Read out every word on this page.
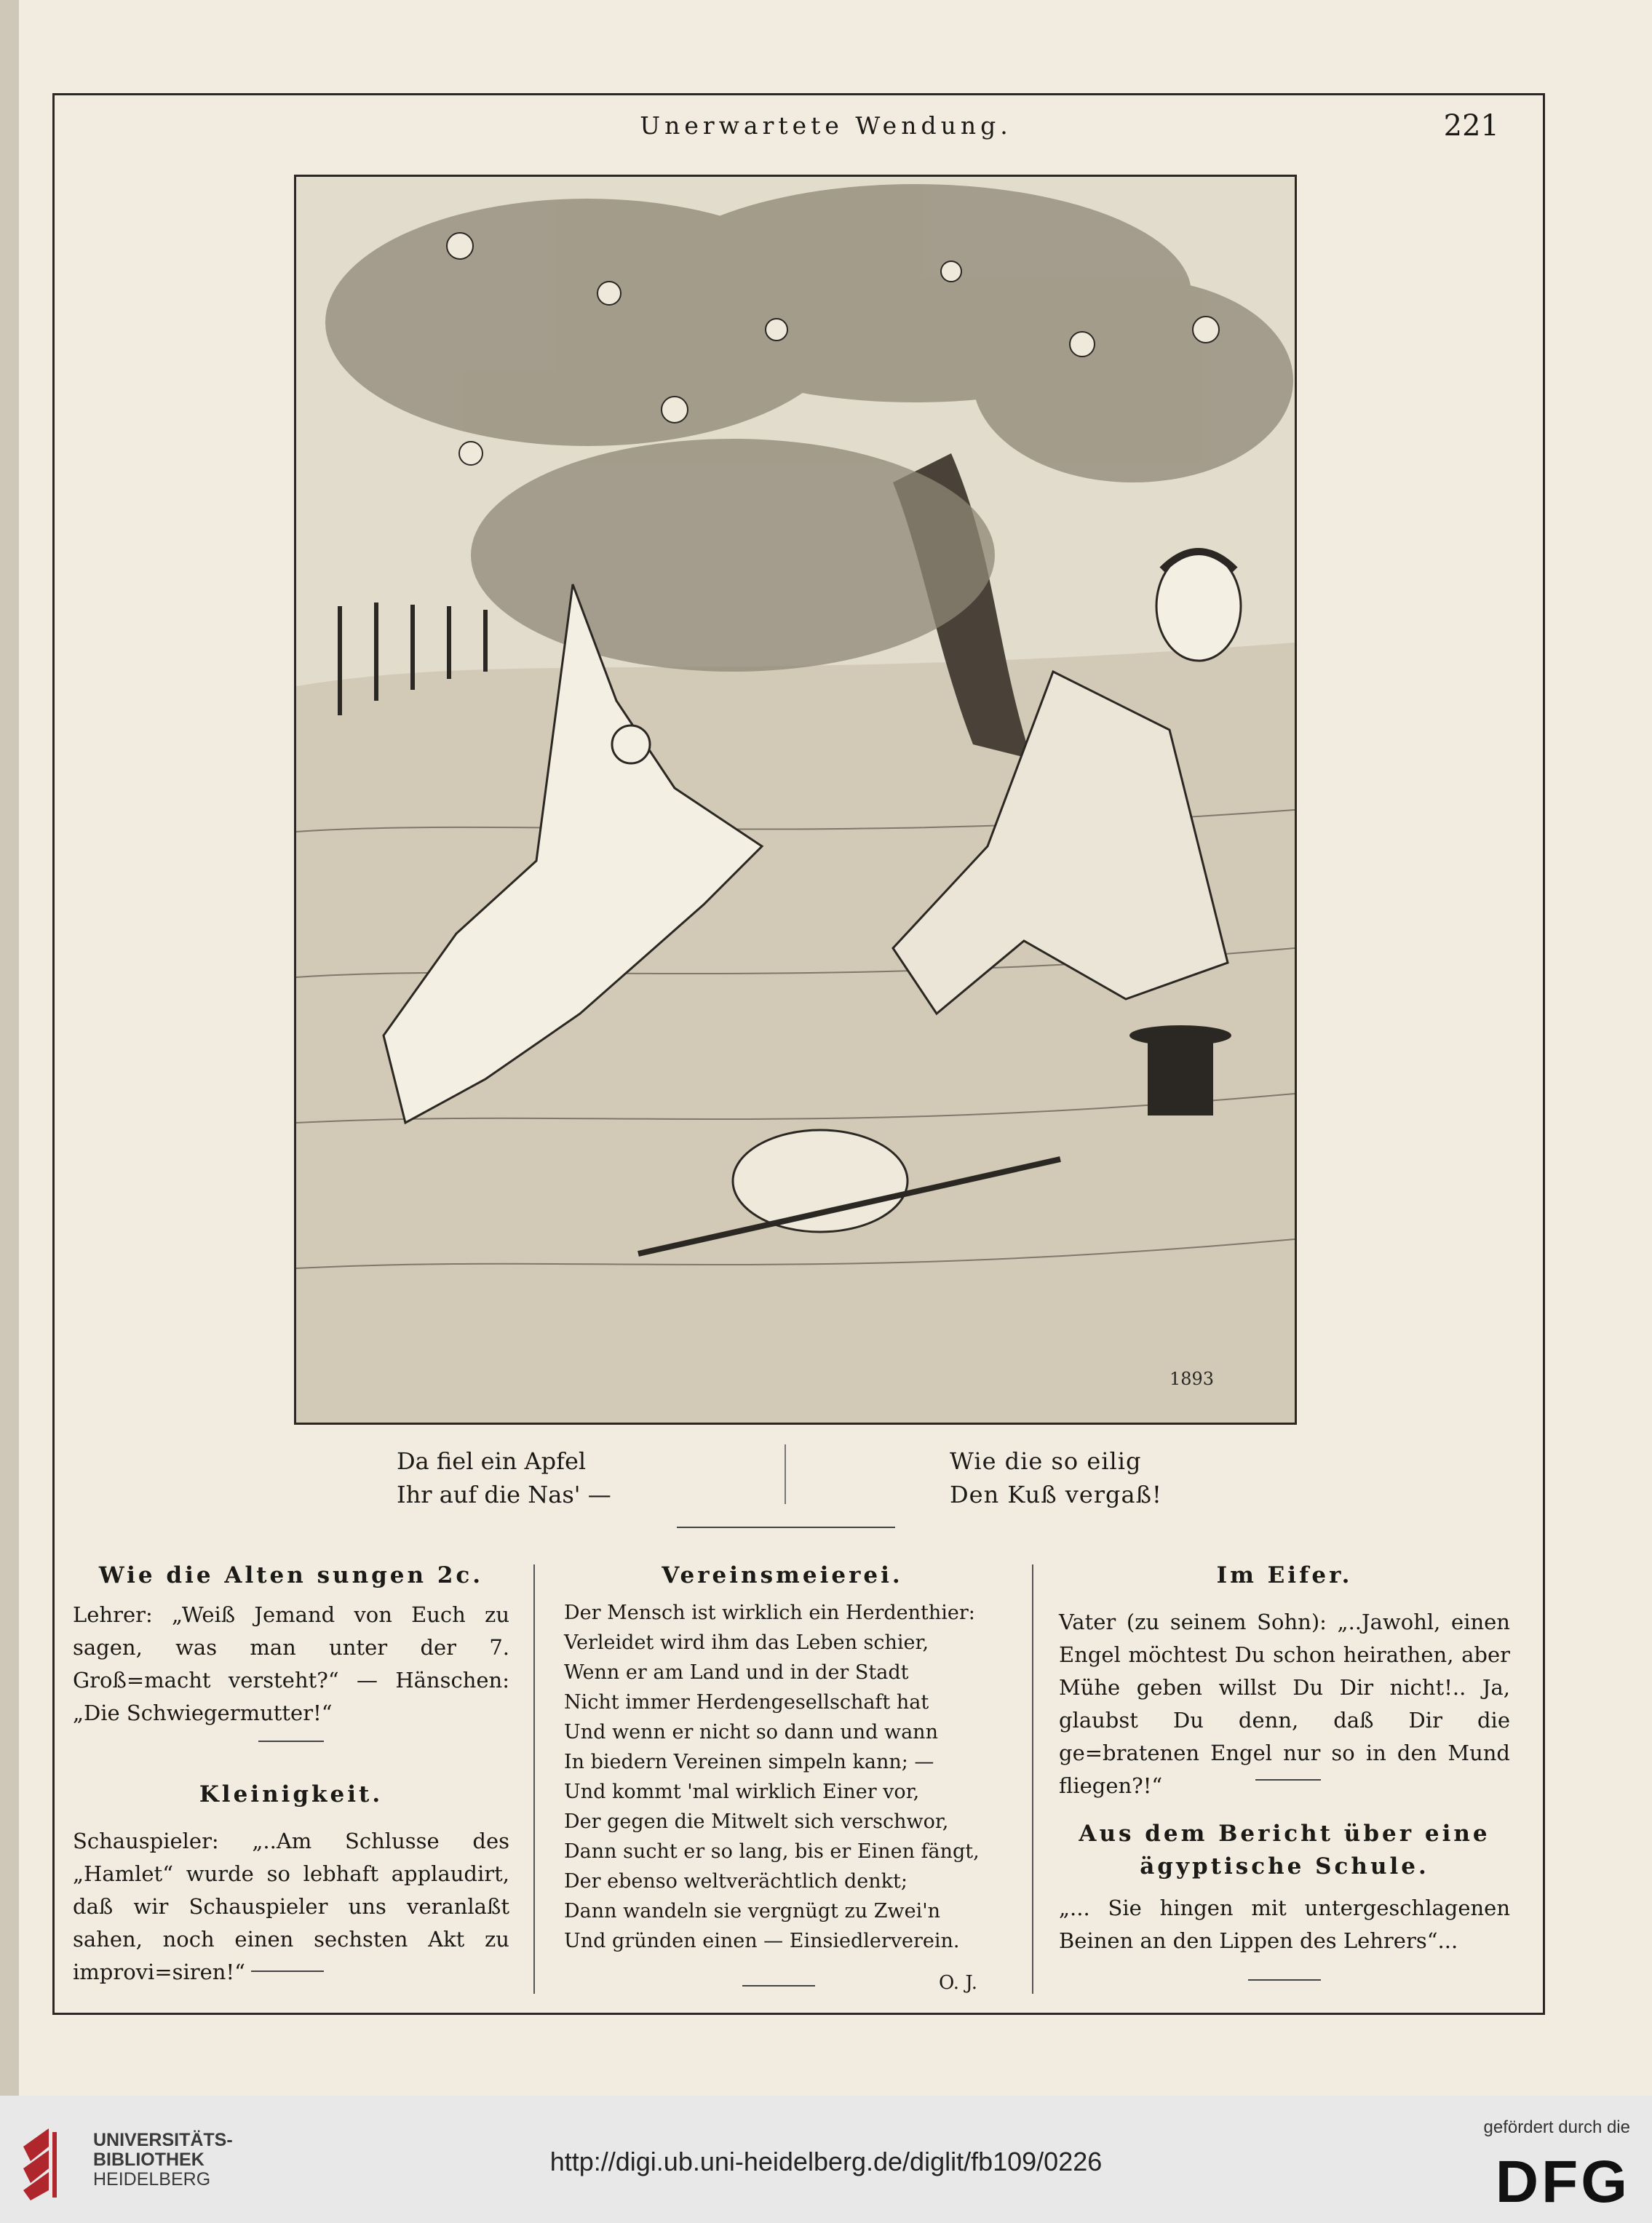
Unerwartete Wendung.	221
1893
Da fiel ein Apfel
Ihr auf die Nas' —
Wie die so eilig
Den Kuß vergaß!
Wie die Alten sungen 2c.
Lehrer: „Weiß Jemand von Euch zu sagen, was man unter der 7. Groß=macht versteht?“ — Hänschen: „Die Schwiegermutter!“
Kleinigkeit.
Schauspieler: „..Am Schlusse des „Hamlet“ wurde so lebhaft applaudirt, daß wir Schauspieler uns veranlaßt sahen, noch einen sechsten Akt zu improvi=siren!“
Vereinsmeierei.
Der Mensch ist wirklich ein Herdenthier:
Verleidet wird ihm das Leben schier,
Wenn er am Land und in der Stadt
Nicht immer Herdengesellschaft hat
Und wenn er nicht so dann und wann
In biedern Vereinen simpeln kann; —
Und kommt 'mal wirklich Einer vor,
Der gegen die Mitwelt sich verschwor,
Dann sucht er so lang, bis er Einen fängt,
Der ebenso weltverächtlich denkt;
Dann wandeln sie vergnügt zu Zwei'n
Und gründen einen — Einsiedlerverein.
O. J.
Im Eifer.
Vater (zu seinem Sohn): „..Jawohl, einen Engel möchtest Du schon heirathen, aber Mühe geben willst Du Dir nicht!.. Ja, glaubst Du denn, daß Dir die ge=bratenen Engel nur so in den Mund fliegen?!“
Aus dem Bericht über eine ägyptische Schule.
„... Sie hingen mit untergeschlagenen Beinen an den Lippen des Lehrers“...
UNIVERSITÄTS-
BIBLIOTHEK
HEIDELBERG
http://digi.ub.uni-heidelberg.de/diglit/fb109/0226
gefördert durch die
DFG
